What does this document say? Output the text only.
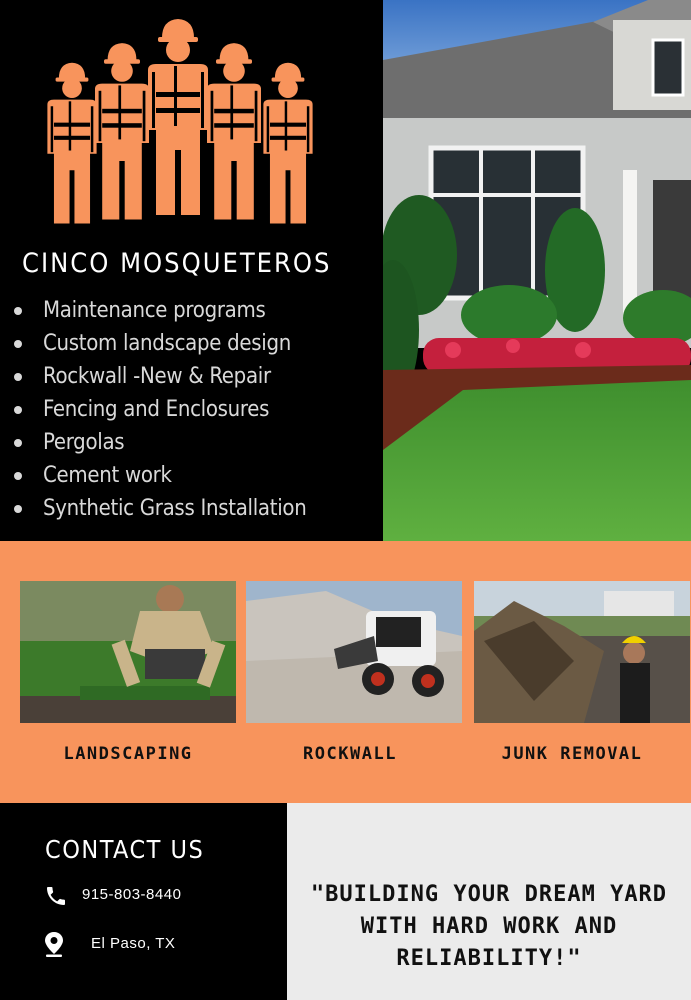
CINCO MOSQUETEROS
Maintenance programs
Custom landscape design
Rockwall -New & Repair
Fencing and Enclosures
Pergolas
Cement work
Synthetic Grass Installation
LANDSCAPING	ROCKWALL	JUNK REMOVAL
CONTACT US
915-803-8440
El Paso, TX

"BUILDING YOUR DREAM YARD
WITH HARD WORK AND
RELIABILITY!"
